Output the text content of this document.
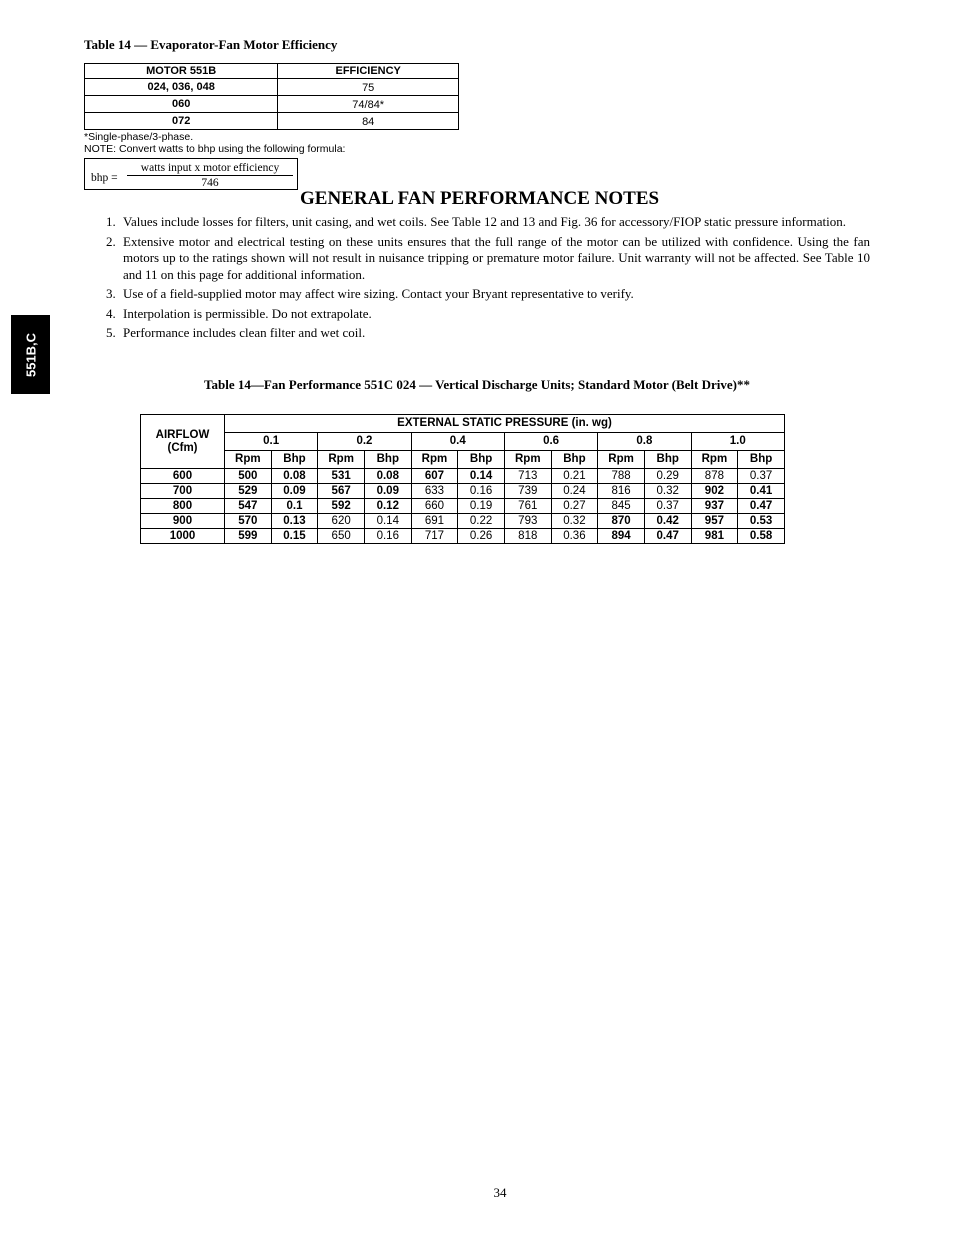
Table 14 — Evaporator-Fan Motor Efficiency
MOTOR 551B	EFFICIENCY
024, 036, 048	75
060	74/84*
072	84
*Single-phase/3-phase.
NOTE: Convert watts to bhp using the following formula:
bhp =
watts input x motor efficiency
746
GENERAL FAN PERFORMANCE NOTES
1. Values include losses for filters, unit casing, and wet coils. See Table 12 and 13 and Fig. 36 for accessory/FIOP static pressure information.
2. Extensive motor and electrical testing on these units ensures that the full range of the motor can be utilized with confidence. Using the fan motors up to the ratings shown will not result in nuisance tripping or premature motor failure. Unit warranty will not be affected. See Table 10 and 11 on this page for additional information.
3. Use of a field-supplied motor may affect wire sizing. Contact your Bryant representative to verify.
4. Interpolation is permissible. Do not extrapolate.
5. Performance includes clean filter and wet coil.
551B,C
Table 14—Fan Performance 551C 024 — Vertical Discharge Units; Standard Motor (Belt Drive)**
AIRFLOW
(Cfm)	EXTERNAL STATIC PRESSURE (in. wg)											
	0.1		0.2		0.4		0.6		0.8		1.0	
	Rpm	Bhp	Rpm	Bhp	Rpm	Bhp	Rpm	Bhp	Rpm	Bhp	Rpm	Bhp
600	500	0.08	531	0.08	607	0.14	713	0.21	788	0.29	878	0.37
700	529	0.09	567	0.09	633	0.16	739	0.24	816	0.32	902	0.41
800	547	0.1	592	0.12	660	0.19	761	0.27	845	0.37	937	0.47
900	570	0.13	620	0.14	691	0.22	793	0.32	870	0.42	957	0.53
1000	599	0.15	650	0.16	717	0.26	818	0.36	894	0.47	981	0.58
34
